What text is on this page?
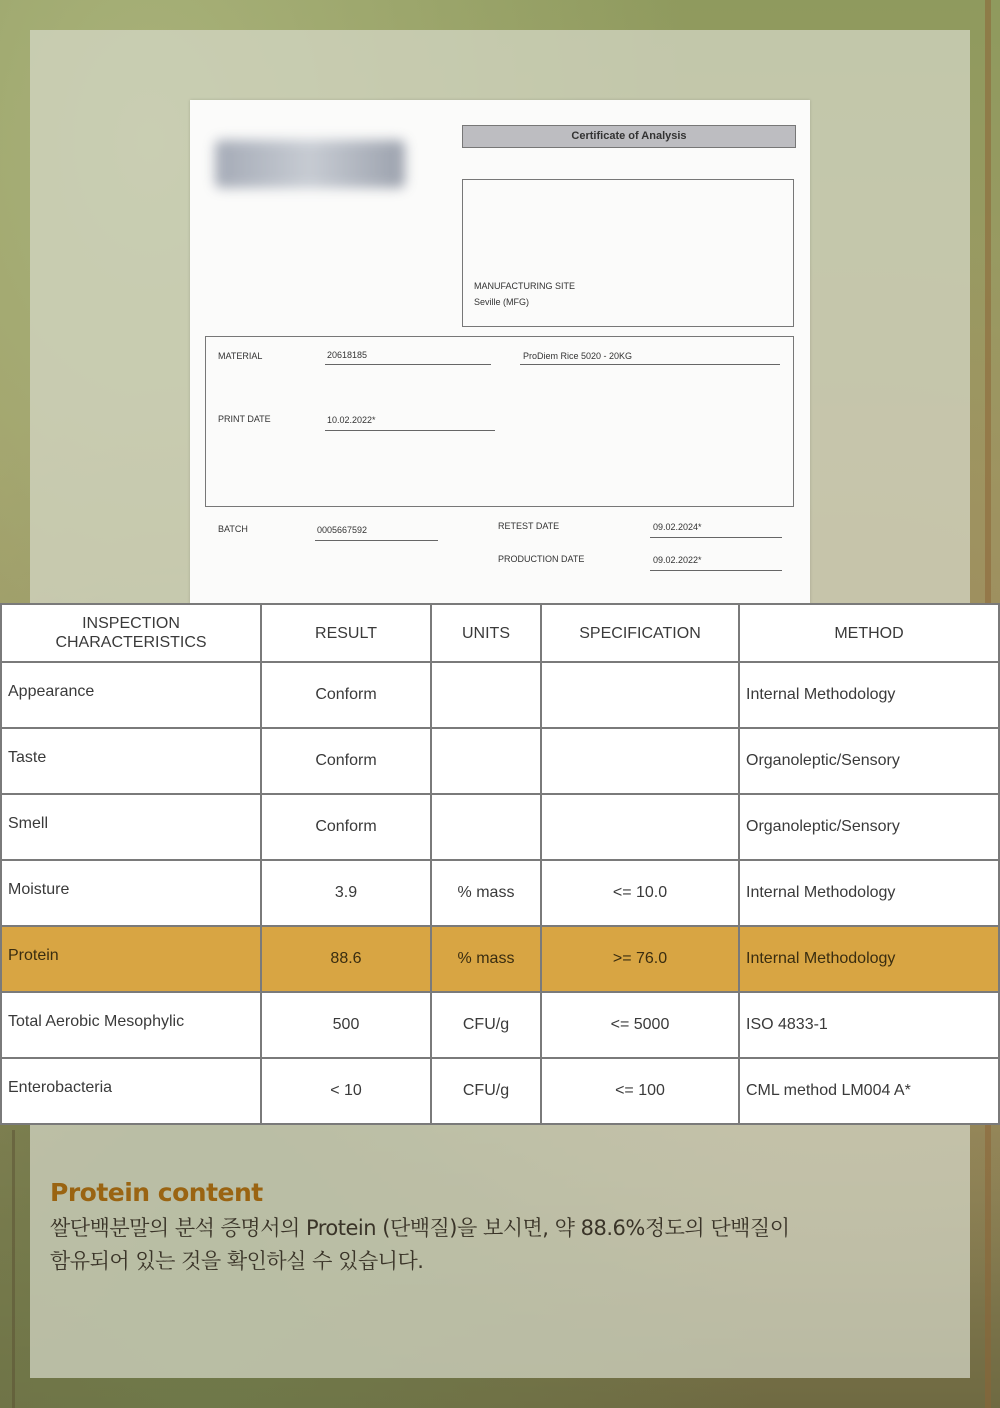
Certificate of Analysis
MANUFACTURING SITE
Seville (MFG)
MATERIAL	20618185	ProDiem Rice 5020 - 20KG
PRINT DATE	10.02.2022*
BATCH	0005667592	RETEST DATE	09.02.2024*
PRODUCTION DATE	09.02.2022*
INSPECTION CHARACTERISTICS	RESULT	UNITS	SPECIFICATION	METHOD
Appearance	Conform			Internal Methodology
Taste	Conform			Organoleptic/Sensory
Smell	Conform			Organoleptic/Sensory
Moisture	3.9	% mass	<= 10.0	Internal Methodology
Protein	88.6	% mass	>= 76.0	Internal Methodology
Total Aerobic Mesophylic	500	CFU/g	<= 5000	ISO 4833-1
Enterobacteria	< 10	CFU/g	<= 100	CML method LM004 A*
Protein content
쌀단백분말의 분석 증명서의 Protein (단백질)을 보시면, 약 88.6%정도의 단백질이
함유되어 있는 것을 확인하실 수 있습니다.
